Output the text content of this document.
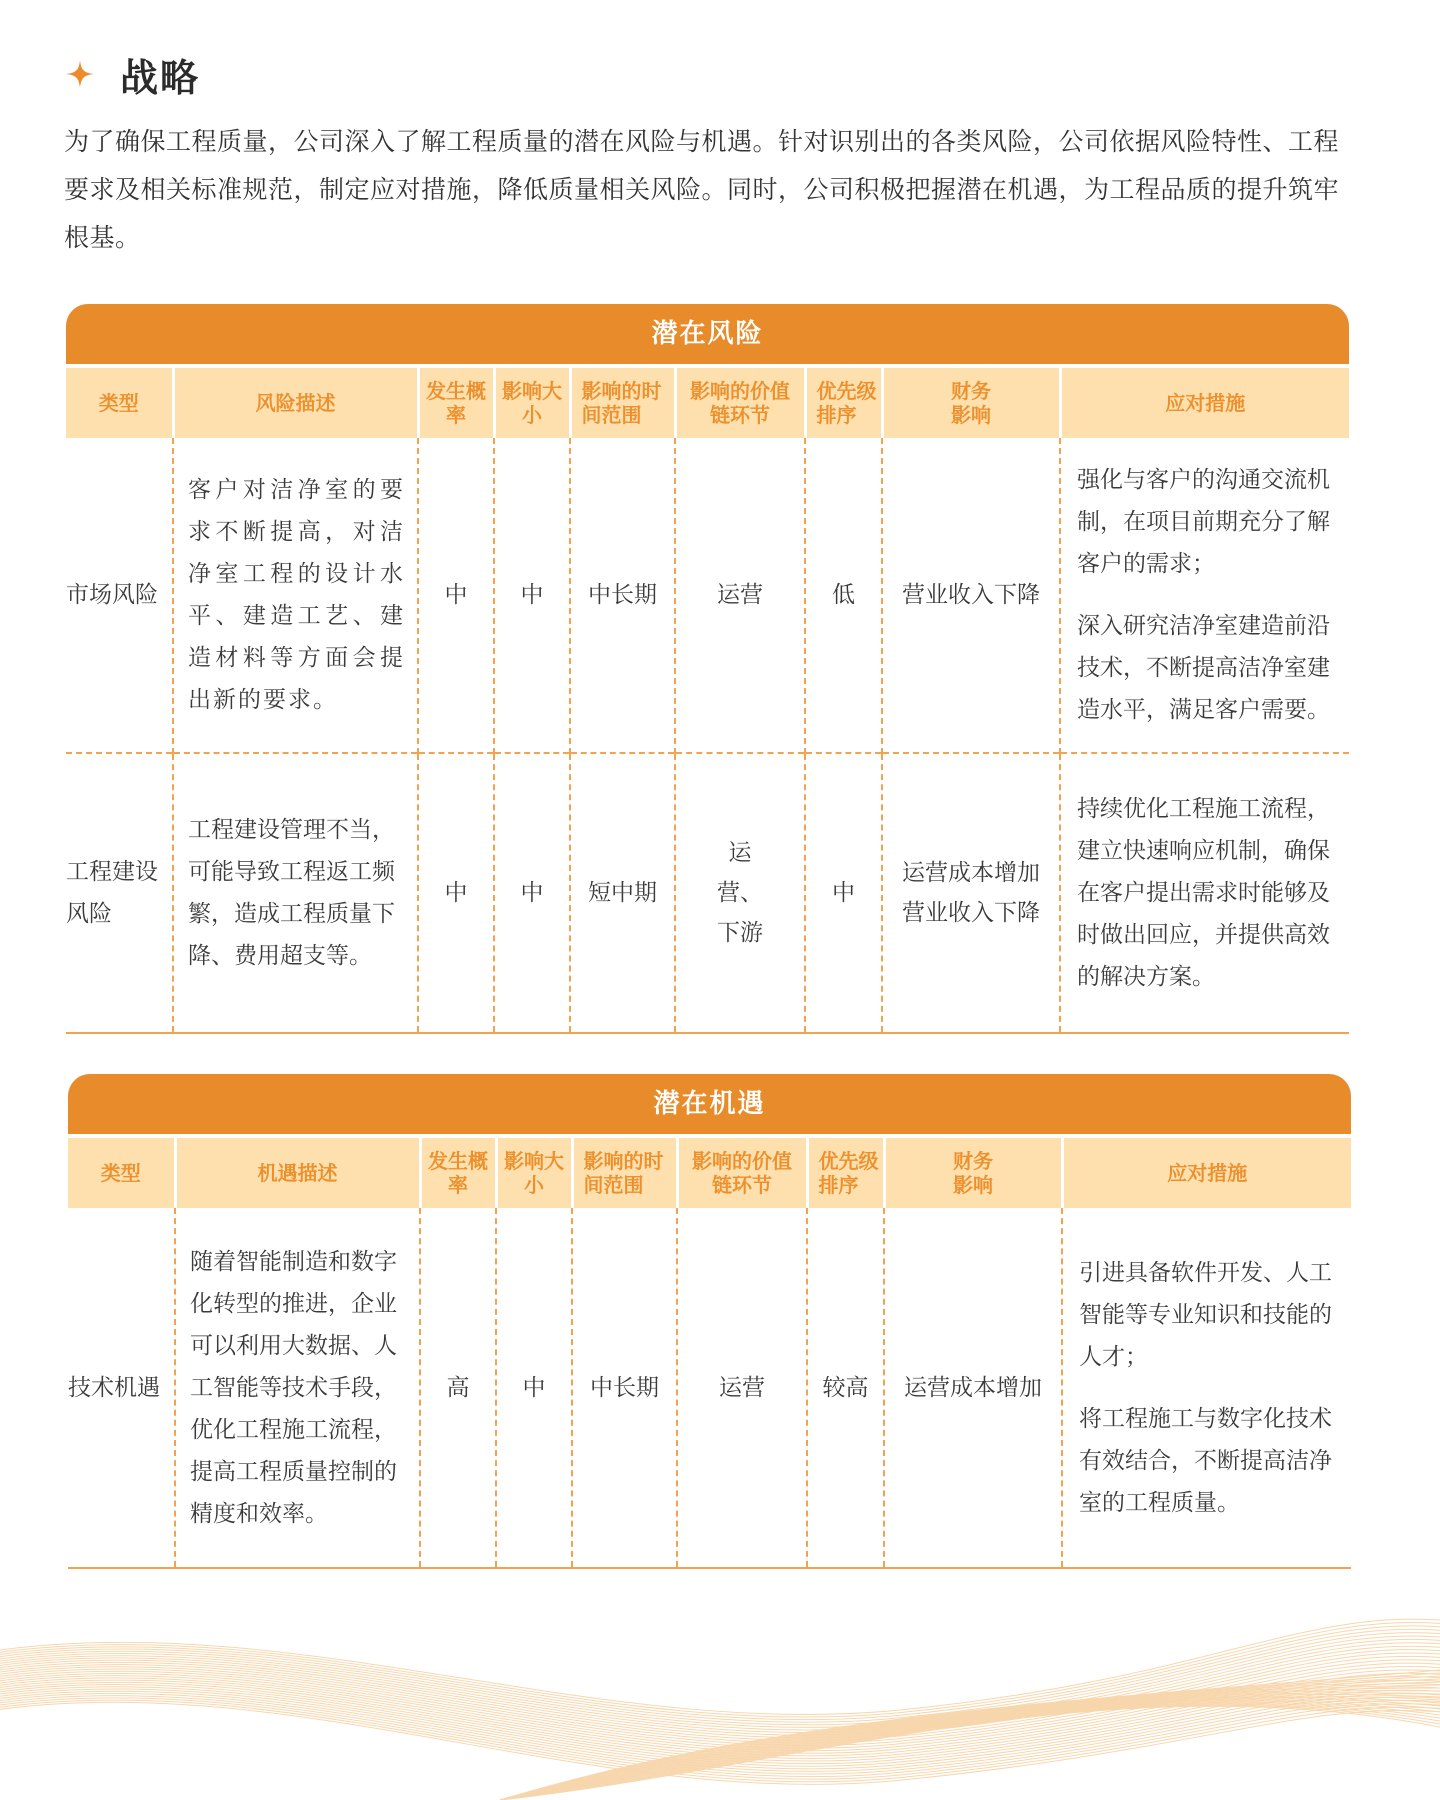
战略
为了确保工程质量，公司深入了解工程质量的潜在风险与机遇。针对识别出的各类风险，公司依据风险特性、工程要求及相关标准规范，制定应对措施，降低质量相关风险。同时，公司积极把握潜在机遇，为工程品质的提升筑牢根基。
潜在风险
类型	风险描述	发生概率	影响大小	影响的时间范围	影响的价值链环节	优先级排序	财务影响	应对措施
市场风险	客户对洁净室的要求不断提高，对洁净室工程的设计水平、建造工艺、建造材料等方面会提出新的要求。	中	中	中长期	运营	低	营业收入下降	强化与客户的沟通交流机制，在项目前期充分了解客户的需求；

深入研究洁净室建造前沿技术，不断提高洁净室建造水平，满足客户需要。

工程建设风险	工程建设管理不当，可能导致工程返工频繁，造成工程质量下降、费用超支等。	中	中	短中期	运营、下游	中	运营成本增加营业收入下降	持续优化工程施工流程，建立快速响应机制，确保在客户提出需求时能够及时做出回应，并提供高效的解决方案。

潜在机遇
类型	机遇描述	发生概率	影响大小	影响的时间范围	影响的价值链环节	优先级排序	财务影响	应对措施
技术机遇	随着智能制造和数字化转型的推进，企业可以利用大数据、人工智能等技术手段，优化工程施工流程，提高工程质量控制的精度和效率。	高	中	中长期	运营	较高	运营成本增加	引进具备软件开发、人工智能等专业知识和技能的人才；

将工程施工与数字化技术有效结合，不断提高洁净室的工程质量。
